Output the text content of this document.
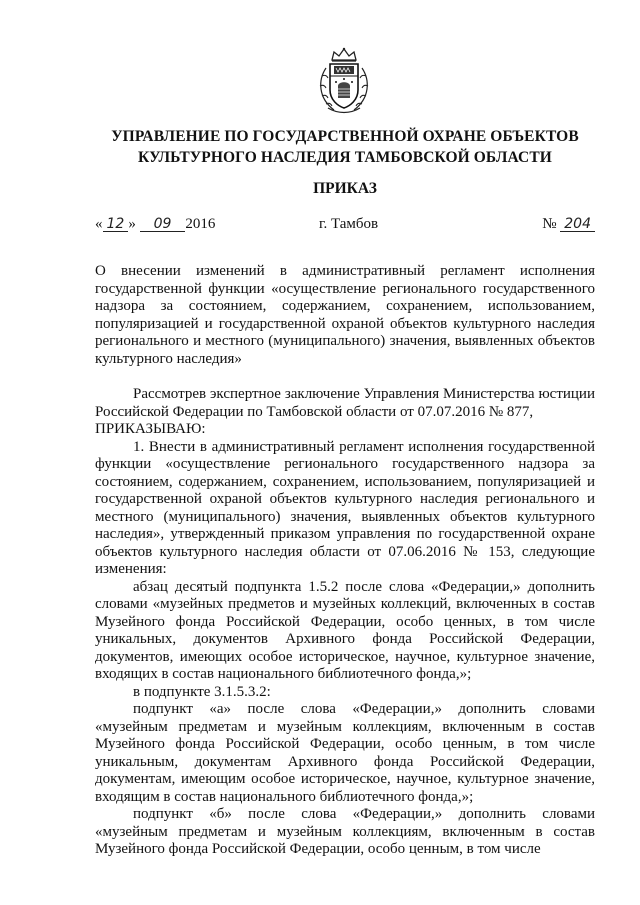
УПРАВЛЕНИЕ ПО ГОСУДАРСТВЕННОЙ ОХРАНЕ ОБЪЕКТОВ
КУЛЬТУРНОГО НАСЛЕДИЯ ТАМБОВСКОЙ ОБЛАСТИ
ПРИКАЗ
« 12 » 09 2016	г. Тамбов	№ 204
О внесении изменений в административный регламент исполнения государственной функции «осуществление регионального государственного надзора за состоянием, содержанием, сохранением, использованием, популяризацией и государственной охраной объектов культурного наследия регионального и местного (муниципального) значения, выявленных объектов культурного наследия»

Рассмотрев экспертное заключение Управления Министерства юстиции Российской Федерации по Тамбовской области от 07.07.2016 № 877,

ПРИКАЗЫВАЮ:

1. Внести в административный регламент исполнения государственной функции «осуществление регионального государственного надзора за состоянием, содержанием, сохранением, использованием, популяризацией и государственной охраной объектов культурного наследия регионального и местного (муниципального) значения, выявленных объектов культурного наследия», утвержденный приказом управления по государственной охране объектов культурного наследия области от 07.06.2016 № 153, следующие изменения:

абзац десятый подпункта 1.5.2 после слова «Федерации,» дополнить словами «музейных предметов и музейных коллекций, включенных в состав Музейного фонда Российской Федерации, особо ценных, в том числе уникальных, документов Архивного фонда Российской Федерации, документов, имеющих особое историческое, научное, культурное значение, входящих в состав национального библиотечного фонда,»;

в подпункте 3.1.5.3.2:

подпункт «а» после слова «Федерации,» дополнить словами «музейным предметам и музейным коллекциям, включенным в состав Музейного фонда Российской Федерации, особо ценным, в том числе уникальным, документам Архивного фонда Российской Федерации, документам, имеющим особое историческое, научное, культурное значение, входящим в состав национального библиотечного фонда,»;

подпункт «б» после слова «Федерации,» дополнить словами «музейным предметам и музейным коллекциям, включенным в состав Музейного фонда Российской Федерации, особо ценным, в том числе
